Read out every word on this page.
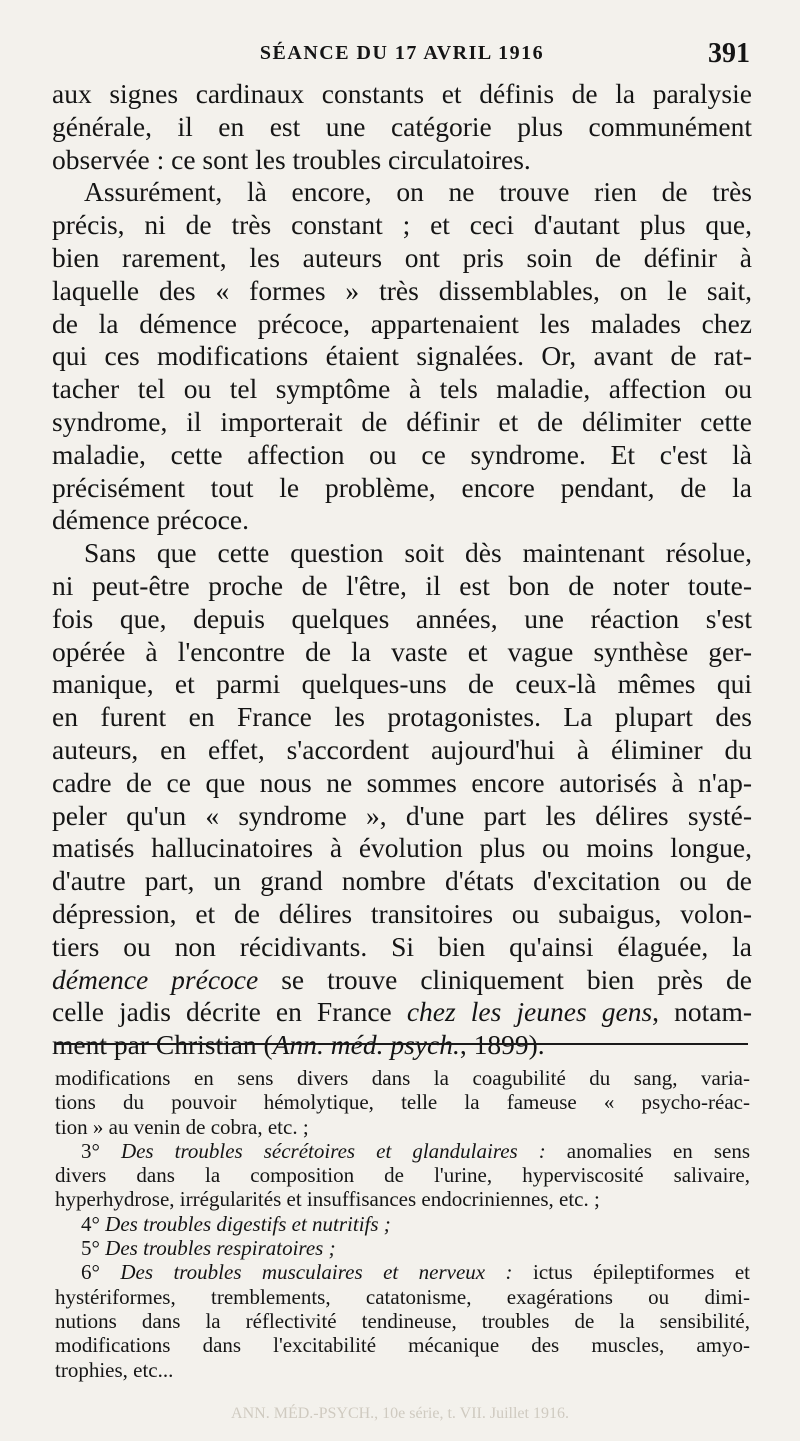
SÉANCE DU 17 AVRIL 1916	391

aux signes cardinaux constants et définis de la paralysie
générale, il en est une catégorie plus communément
observée : ce sont les troubles circulatoires.

Assurément, là encore, on ne trouve rien de très
précis, ni de très constant ; et ceci d'autant plus que,
bien rarement, les auteurs ont pris soin de définir à
laquelle des « formes » très dissemblables, on le sait,
de la démence précoce, appartenaient les malades chez
qui ces modifications étaient signalées. Or, avant de rat-
tacher tel ou tel symptôme à tels maladie, affection ou
syndrome, il importerait de définir et de délimiter cette
maladie, cette affection ou ce syndrome. Et c'est là
précisément tout le problème, encore pendant, de la
démence précoce.

Sans que cette question soit dès maintenant résolue,
ni peut-être proche de l'être, il est bon de noter toute-
fois que, depuis quelques années, une réaction s'est
opérée à l'encontre de la vaste et vague synthèse ger-
manique, et parmi quelques-uns de ceux-là mêmes qui
en furent en France les protagonistes. La plupart des
auteurs, en effet, s'accordent aujourd'hui à éliminer du
cadre de ce que nous ne sommes encore autorisés à n'ap-
peler qu'un « syndrome », d'une part les délires systé-
matisés hallucinatoires à évolution plus ou moins longue,
d'autre part, un grand nombre d'états d'excitation ou de
dépression, et de délires transitoires ou subaigus, volon-
tiers ou non récidivants. Si bien qu'ainsi élaguée, la
démence précoce se trouve cliniquement bien près de
celle jadis décrite en France chez les jeunes gens, notam-
ment par Christian (Ann. méd. psych., 1899).

modifications en sens divers dans la coagubilité du sang, varia-
tions du pouvoir hémolytique, telle la fameuse « psycho-réac-
tion » au venin de cobra, etc. ;
3° Des troubles sécrétoires et glandulaires : anomalies en sens
divers dans la composition de l'urine, hyperviscosité salivaire,
hyperhydrose, irrégularités et insuffisances endocriniennes, etc. ;
4° Des troubles digestifs et nutritifs ;
5° Des troubles respiratoires ;
6° Des troubles musculaires et nerveux : ictus épileptiformes et
hystériformes, tremblements, catatonisme, exagérations ou dimi-
nutions dans la réflectivité tendineuse, troubles de la sensibilité,
modifications dans l'excitabilité mécanique des muscles, amyo-
trophies, etc...
ANN. MÉD.-PSYCH., 10e série, t. VII. Juillet 1916.
